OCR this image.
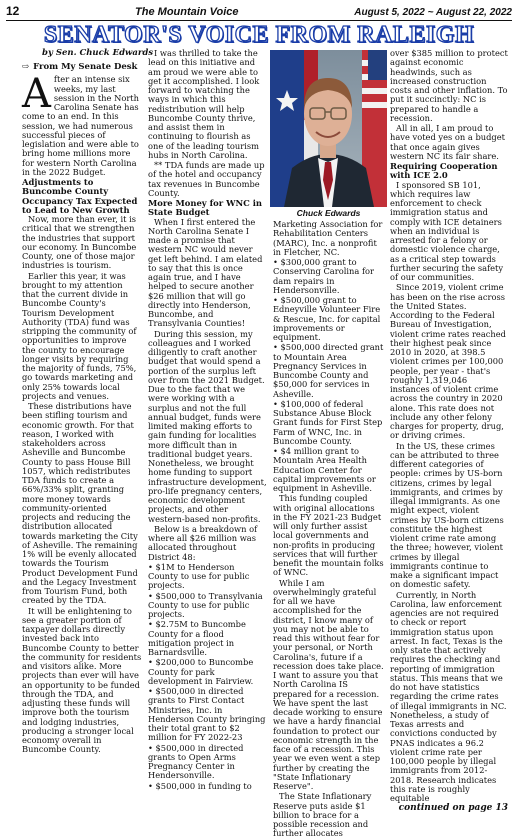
12	The Mountain Voice	August 5, 2022 ~ August 22, 2022
SENATOR'S VOICE FROM RALEIGH
by Sen. Chuck Edwards
⇨ From My Senate Desk

After an intense six weeks, my last session in the North Carolina Senate has come to an end. In this session, we had numerous successful pieces of legislation and were able to bring home millions more for western North Carolina in the 2022 Budget.

Adjustments to Buncombe County Occupancy Tax Expected to Lead to New Growth

Now, more than ever, it is critical that we strengthen the industries that support our economy. In Buncombe County, one of those major industries is tourism.

Earlier this year, it was brought to my attention that the current divide in Buncombe County's Tourism Development Authority (TDA) fund was stripping the community of opportunities to improve the county to encourage longer visits by requiring the majority of funds, 75%, go towards marketing and only 25% towards local projects and venues.

These distributions have been stifling tourism and economic growth. For that reason, I worked with stakeholders across Asheville and Buncombe County to pass House Bill 1057, which redistributes TDA funds to create a 66%/33% split, granting more money towards community-oriented projects and reducing the distribution allocated towards marketing the City of Asheville. The remaining 1% will be evenly allocated towards the Tourism Product Development Fund and the Legacy Investment from Tourism Fund, both created by the TDA.

It will be enlightening to see a greater portion of taxpayer dollars directly invested back into Buncombe County to better the community for residents and visitors alike. More projects than ever will have an opportunity to be funded through the TDA, and adjusting these funds will improve both the tourism and lodging industries, producing a stronger local economy overall in Buncombe County.

I was thrilled to take the lead on this initiative and am proud we were able to get it accomplished. I look forward to watching the ways in which this redistribution will help Buncombe County thrive, and assist them in continuing to flourish as one of the leading tourism hubs in North Carolina.

** TDA funds are made up of the hotel and occupancy tax revenues in Buncombe County.

More Money for WNC in State Budget

When I first entered the North Carolina Senate I made a promise that western NC would never get left behind. I am elated to say that this is once again true, and I have helped to secure another $26 million that will go directly into Henderson, Buncombe, and Transylvania Counties!

During this session, my colleagues and I worked diligently to craft another budget that would spend a portion of the surplus left over from the 2021 Budget. Due to the fact that we were working with a surplus and not the full annual budget, funds were limited making efforts to gain funding for localities more difficult than in traditional budget years. Nonetheless, we brought home funding to support infrastructure development, pro-life pregnancy centers, economic development projects, and other western-based non-profits.

Below is a breakdown of where all $26 million was allocated throughout District 48:

• $1M to Henderson County to use for public projects.

• $500,000 to Transylvania County to use for public projects.

• $2.75M to Buncombe County for a flood mitigation project in Barnardsville.

• $200,000 to Buncombe County for park development in Fairview.

• $500,000 in directed grants to First Contact Ministries, Inc. in Henderson County bringing their total grant to $2 million for FY 2022-23

• $500,000 in directed grants to Open Arms Pregnancy Center in Hendersonville.

• $500,000 in funding to

Chuck Edwards

Marketing Association for Rehabilitation Centers (MARC), Inc. a nonprofit in Fletcher, NC.

• $300,000 grant to Conserving Carolina for dam repairs in Hendersonville.

• $500,000 grant to Edneyville Volunteer Fire & Rescue, Inc. for capital improvements or equipment.

• $500,000 directed grant to Mountain Area Pregnancy Services in Buncombe County and $50,000 for services in Asheville.

• $100,000 of federal Substance Abuse Block Grant funds for First Step Farm of WNC, Inc. in Buncombe County.

• $4 million grant to Mountain Area Health Education Center for capital improvements or equipment in Asheville.

This funding coupled with original allocations in the FY 2021-23 Budget will only further assist local governments and non-profits in producing services that will further benefit the mountain folks of WNC.

While I am overwhelmingly grateful for all we have accomplished for the district, I know many of you may not be able to read this without fear for your personal, or North Carolina's, future if a recession does take place. I want to assure you that North Carolina IS prepared for a recession. We have spent the last decade working to ensure we have a hardy financial foundation to protect our economic strength in the face of a recession. This year we even went a step further by creating the "State Inflationary Reserve".

The State Inflationary Reserve puts aside $1 billion to brace for a possible recession and further allocates

over $385 million to protect against economic headwinds, such as increased construction costs and other inflation. To put it succinctly: NC is prepared to handle a recession.

All in all, I am proud to have voted yes on a budget that once again gives western NC its fair share.

Requiring Cooperation with ICE 2.0

I sponsored SB 101, which requires law enforcement to check immigration status and comply with ICE detainers when an individual is arrested for a felony or domestic violence charge, as a critical step towards further securing the safety of our communities.

Since 2019, violent crime has been on the rise across the United States. According to the Federal Bureau of Investigation, violent crime rates reached their highest peak since 2010 in 2020, at 398.5 violent crimes per 100,000 people, per year - that's roughly 1,319,046 instances of violent crime across the country in 2020 alone. This rate does not include any other felony charges for property, drug, or driving crimes.

In the US, these crimes can be attributed to three different categories of people: crimes by US-born citizens, crimes by legal immigrants, and crimes by illegal immigrants. As one might expect, violent crimes by US-born citizens constitute the highest violent crime rate among the three; however, violent crimes by illegal immigrants continue to make a significant impact on domestic safety.

Currently, in North Carolina, law enforcement agencies are not required to check or report immigration status upon arrest. In fact, Texas is the only state that actively requires the checking and reporting of immigration status. This means that we do not have statistics regarding the crime rates of illegal immigrants in NC. Nonetheless, a study of Texas arrests and convictions conducted by PNAS indicates a 96.2 violent crime rate per 100,000 people by illegal immigrants from 2012-2018. Research indicates this rate is roughly equitable

continued on page 13
